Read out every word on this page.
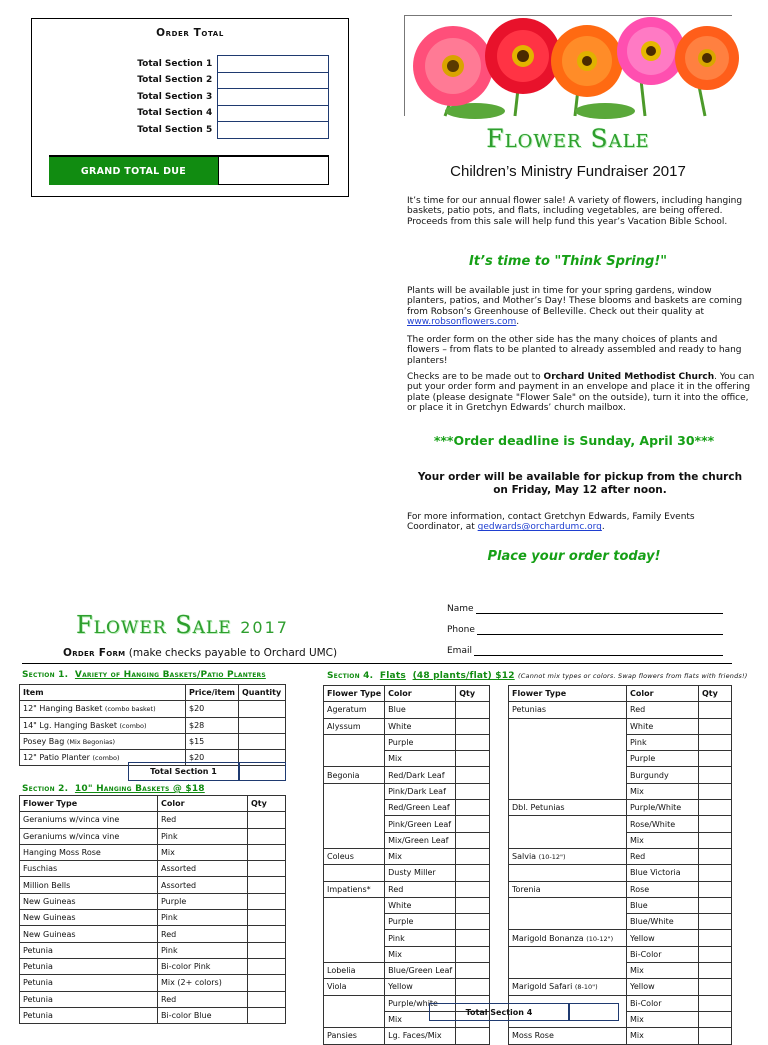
Order Total
Total Section 1	
Total Section 2	
Total Section 3	
Total Section 4	
Total Section 5	
GRAND TOTAL DUE
Flower Sale
Children’s Ministry Fundraiser 2017
It’s time for our annual flower sale! A variety of flowers, including hanging baskets, patio pots, and flats, including vegetables, are being offered. Proceeds from this sale will help fund this year’s Vacation Bible School.
It’s time to "Think Spring!"
Plants will be available just in time for your spring gardens, window planters, patios, and Mother’s Day! These blooms and baskets are coming from Robson’s Greenhouse of Belleville. Check out their quality at www.robsonflowers.com.
The order form on the other side has the many choices of plants and flowers – from flats to be planted to already assembled and ready to hang planters!
Checks are to be made out to Orchard United Methodist Church. You can put your order form and payment in an envelope and place it in the offering plate (please designate "Flower Sale" on the outside), turn it into the office, or place it in Gretchyn Edwards’ church mailbox.
***Order deadline is Sunday, April 30***
Your order will be available for pickup from the church on Friday, May 12 after noon.
For more information, contact Gretchyn Edwards, Family Events Coordinator, at gedwards@orchardumc.org.
Place your order today!
Flower Sale 2017
Order Form (make checks payable to Orchard UMC)
Name
Phone
Email
Section 1. Variety of Hanging Baskets/Patio Planters
Item	Price/item	Quantity
12" Hanging Basket (combo basket)	$20	
14" Lg. Hanging Basket (combo)	$28	
Posey Bag (Mix Begonias)	$15	
12" Patio Planter (combo)	$20	
Total Section 1
Section 2. 10" Hanging Baskets @ $18
Flower Type	Color	Qty
Geraniums w/vinca vine	Red	
Geraniums w/vinca vine	Pink	
Hanging Moss Rose	Mix	
Fuschias	Assorted	
Million Bells	Assorted	
New Guineas	Purple	
New Guineas	Pink	
New Guineas	Red	
Petunia	Pink	
Petunia	Bi-color Pink	
Petunia	Mix (2+ colors)	
Petunia	Red	
Petunia	Bi-color Blue	
Section 4. Flats (48 plants/flat) $12 (Cannot mix types or colors. Swap flowers from flats with friends!)
Flower Type	Color	Qty
Ageratum	Blue	
Alyssum	White	
	Purple	
	Mix	
Begonia	Red/Dark Leaf	
	Pink/Dark Leaf	
	Red/Green Leaf	
	Pink/Green Leaf	
	Mix/Green Leaf	
Coleus	Mix	
	Dusty Miller	
Impatiens*	Red	
	White	
	Purple	
	Pink	
	Mix	
Lobelia	Blue/Green Leaf	
Viola	Yellow	
	Purple/white	
	Mix	
Pansies	Lg. Faces/Mix	
Flower Type	Color	Qty
Petunias	Red	
	White	
	Pink	
	Purple	
	Burgundy	
	Mix	
Dbl. Petunias	Purple/White	
	Rose/White	
	Mix	
Salvia (10-12")	Red	
	Blue Victoria	
Torenia	Rose	
	Blue	
	Blue/White	
Marigold Bonanza (10-12")	Yellow	
	Bi-Color	
	Mix	
Marigold Safari (8-10")	Yellow	
	Bi-Color	
	Mix	
Moss Rose	Mix	
Total Section 4
